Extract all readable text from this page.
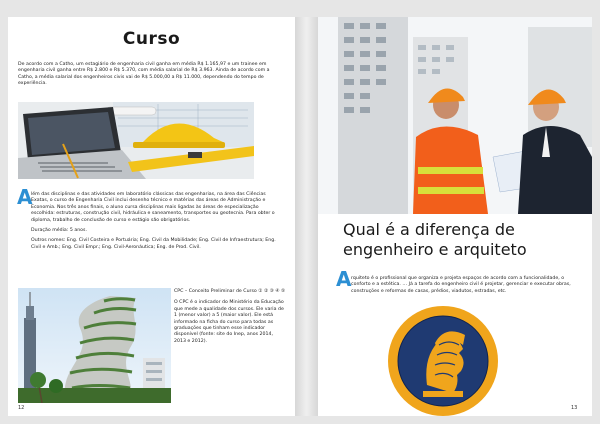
Curso
De acordo com a Catho, um estagiário de engenharia civil ganha em média R$ 1.165,97 e um trainee em engenharia civil ganha entre R$ 2.800 e R$ 5.370, com média salarial de R$ 3.963. Ainda de acordo com a Catho, a média salarial dos engenheiros civis vai de R$ 5.000,00 a R$ 11.000, dependendo do tempo de experiência.
A
lém das disciplinas e das atividades em laboratório clássicas das engenharias, na área das Ciências Exatas, o curso de Engenharia Civil inclui desenho técnico e matérias das áreas de Administração e Economia. Nos três anos finais, o aluno cursa disciplinas mais ligadas às áreas de especialização escolhida: estruturas, construção civil, hidráulica e saneamento, transportes ou geotecnia. Para obter o diploma, trabalho de conclusão de curso e estágio são obrigatórios.
Duração média: 5 anos.
Outros nomes: Eng. Civil Costeira e Portuária; Eng. Civil da Mobilidade; Eng. Civil de Infraestrutura; Eng. Civil e Amb.; Eng. Civil Empr.; Eng. Civil-Aeronáutica; Eng. de Prod. Civil.
CPC – Conceito Preliminar de Curso ① ② ③ ④ ⑤
O CPC é o indicador do Ministério da Educação que mede a qualidade dos cursos. Ele varia de 1 (menor valor) a 5 (maior valor). Ele está informado na ficha do curso para todas as graduações que tinham esse indicador disponível (fonte: site do Inep, anos 2014, 2013 e 2012).
12
Qual é a diferença de engenheiro e arquiteto
A rquiteto é o profissional que organiza e projeta espaços de acordo com a funcionalidade, o conforto e a estética. … Já a tarefa do engenheiro civil é projetar, gerenciar e executar obras, construções e reformas de casas, prédios, viadutos, estradas, etc.
13
